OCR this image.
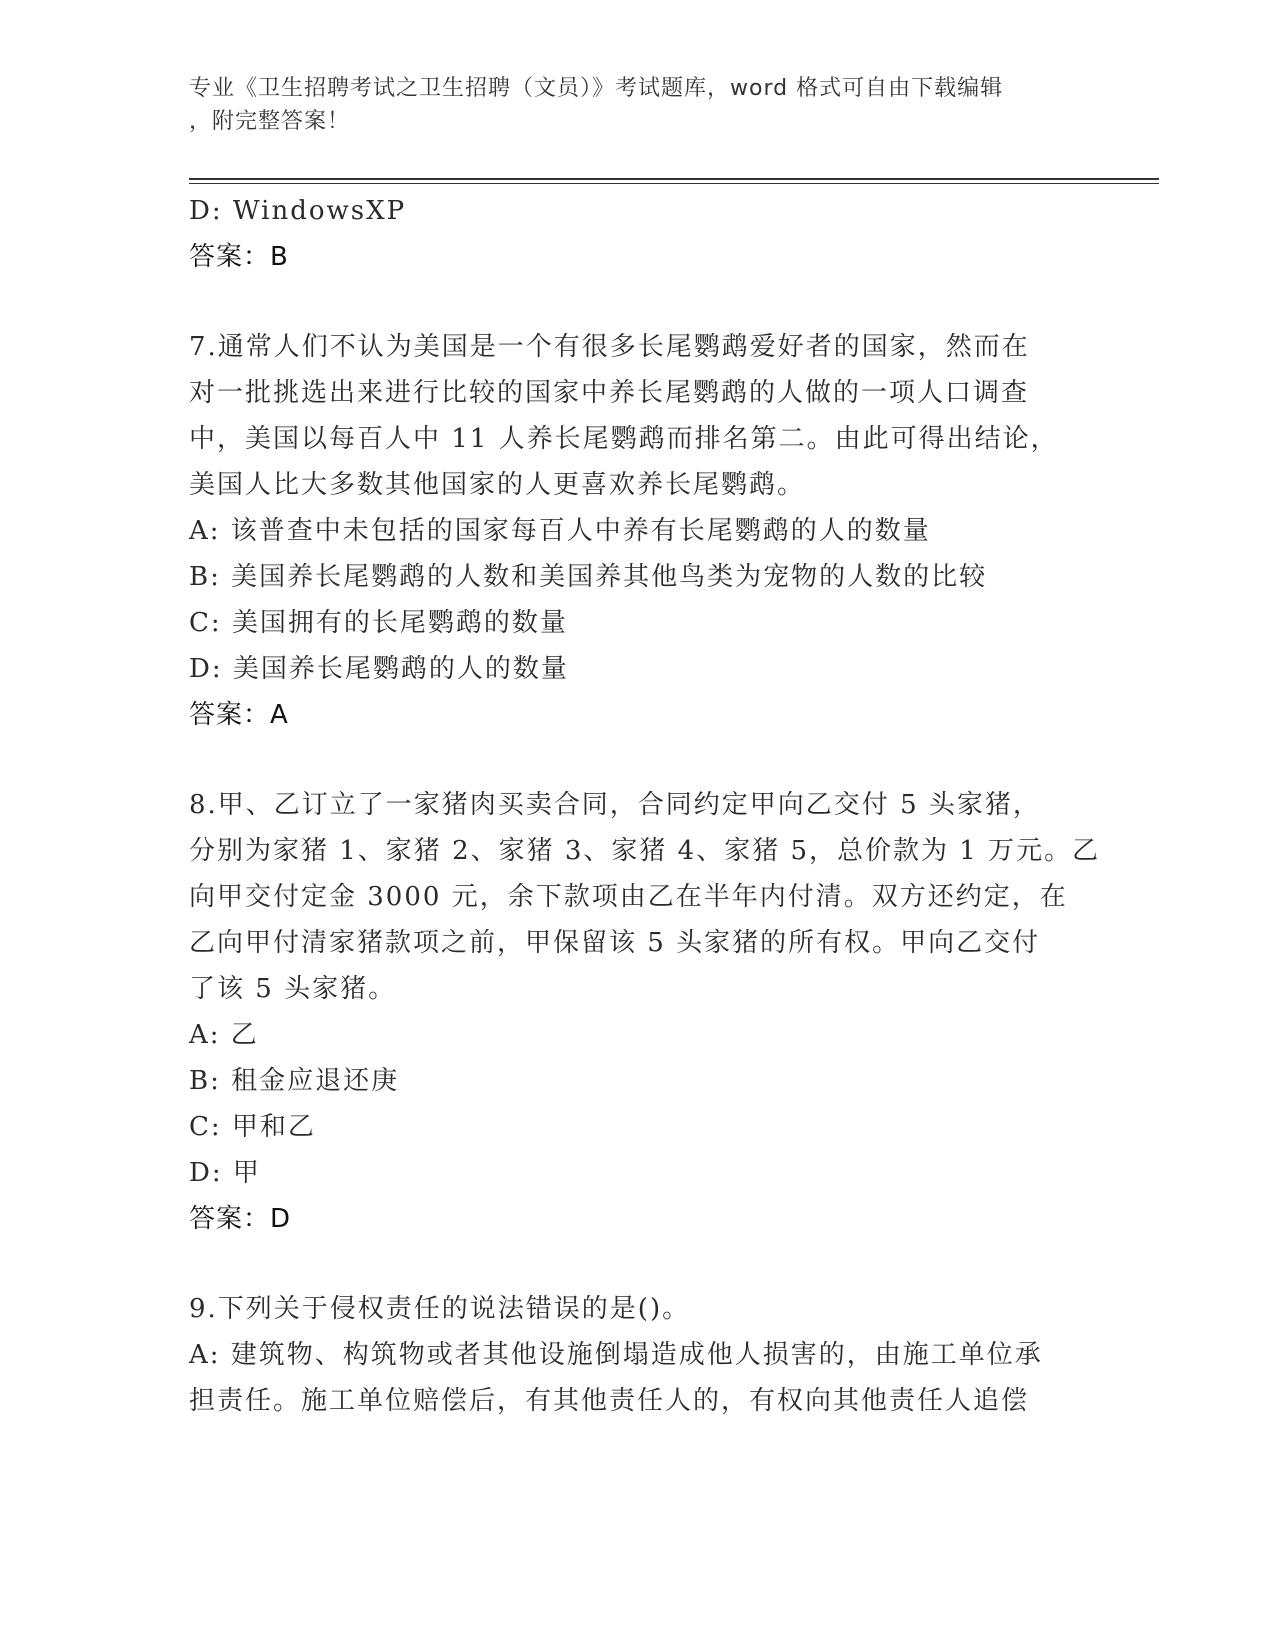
专业《卫生招聘考试之卫生招聘（文员）》考试题库，word 格式可自由下载编辑
，附完整答案！
D: WindowsXP
答案：B
7.通常人们不认为美国是一个有很多长尾鹦鹉爱好者的国家，然而在
对一批挑选出来进行比较的国家中养长尾鹦鹉的人做的一项人口调查
中，美国以每百人中 11 人养长尾鹦鹉而排名第二。由此可得出结论，
美国人比大多数其他国家的人更喜欢养长尾鹦鹉。
A: 该普查中未包括的国家每百人中养有长尾鹦鹉的人的数量
B: 美国养长尾鹦鹉的人数和美国养其他鸟类为宠物的人数的比较
C: 美国拥有的长尾鹦鹉的数量
D: 美国养长尾鹦鹉的人的数量
答案：A
8.甲、乙订立了一家猪肉买卖合同，合同约定甲向乙交付 5 头家猪，
分别为家猪 1、家猪 2、家猪 3、家猪 4、家猪 5，总价款为 1 万元。乙
向甲交付定金 3000 元，余下款项由乙在半年内付清。双方还约定，在
乙向甲付清家猪款项之前，甲保留该 5 头家猪的所有权。甲向乙交付
了该 5 头家猪。
A: 乙
B: 租金应退还庚
C: 甲和乙
D: 甲
答案：D
9.下列关于侵权责任的说法错误的是()。
A: 建筑物、构筑物或者其他设施倒塌造成他人损害的，由施工单位承
担责任。施工单位赔偿后，有其他责任人的，有权向其他责任人追偿
